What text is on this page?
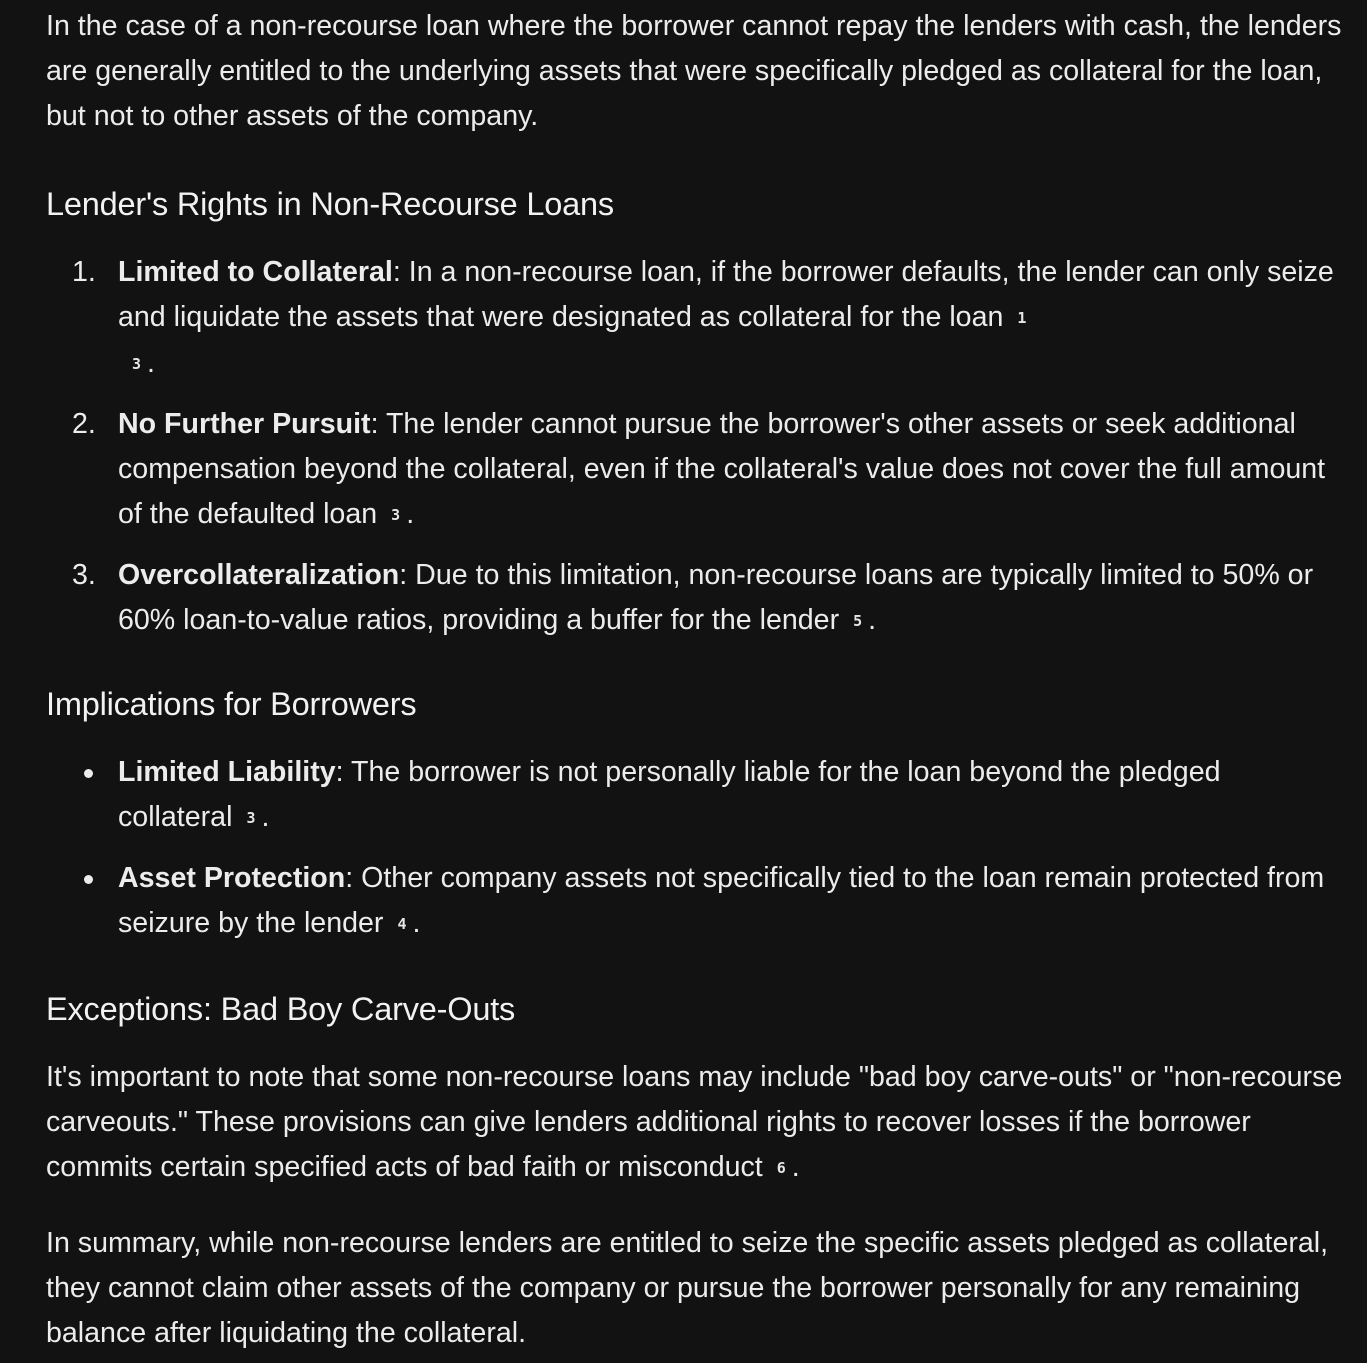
In the case of a non-recourse loan where the borrower cannot repay the lenders with cash, the lenders are generally entitled to the underlying assets that were specifically pledged as collateral for the loan, but not to other assets of the company.

Lender's Rights in Non-Recourse Loans
1. Limited to Collateral: In a non-recourse loan, if the borrower defaults, the lender can only seize and liquidate the assets that were designated as collateral for the loan 1
3 .
2. No Further Pursuit: The lender cannot pursue the borrower's other assets or seek additional compensation beyond the collateral, even if the collateral's value does not cover the full amount of the defaulted loan 3 .
3. Overcollateralization: Due to this limitation, non-recourse loans are typically limited to 50% or 60% loan-to-value ratios, providing a buffer for the lender 5 .
Implications for Borrowers
Limited Liability: The borrower is not personally liable for the loan beyond the pledged collateral 3 .
Asset Protection: Other company assets not specifically tied to the loan remain protected from seizure by the lender 4 .
Exceptions: Bad Boy Carve-Outs

It's important to note that some non-recourse loans may include "bad boy carve-outs" or "non-recourse carveouts." These provisions can give lenders additional rights to recover losses if the borrower commits certain specified acts of bad faith or misconduct 6 .

In summary, while non-recourse lenders are entitled to seize the specific assets pledged as collateral, they cannot claim other assets of the company or pursue the borrower personally for any remaining balance after liquidating the collateral.
